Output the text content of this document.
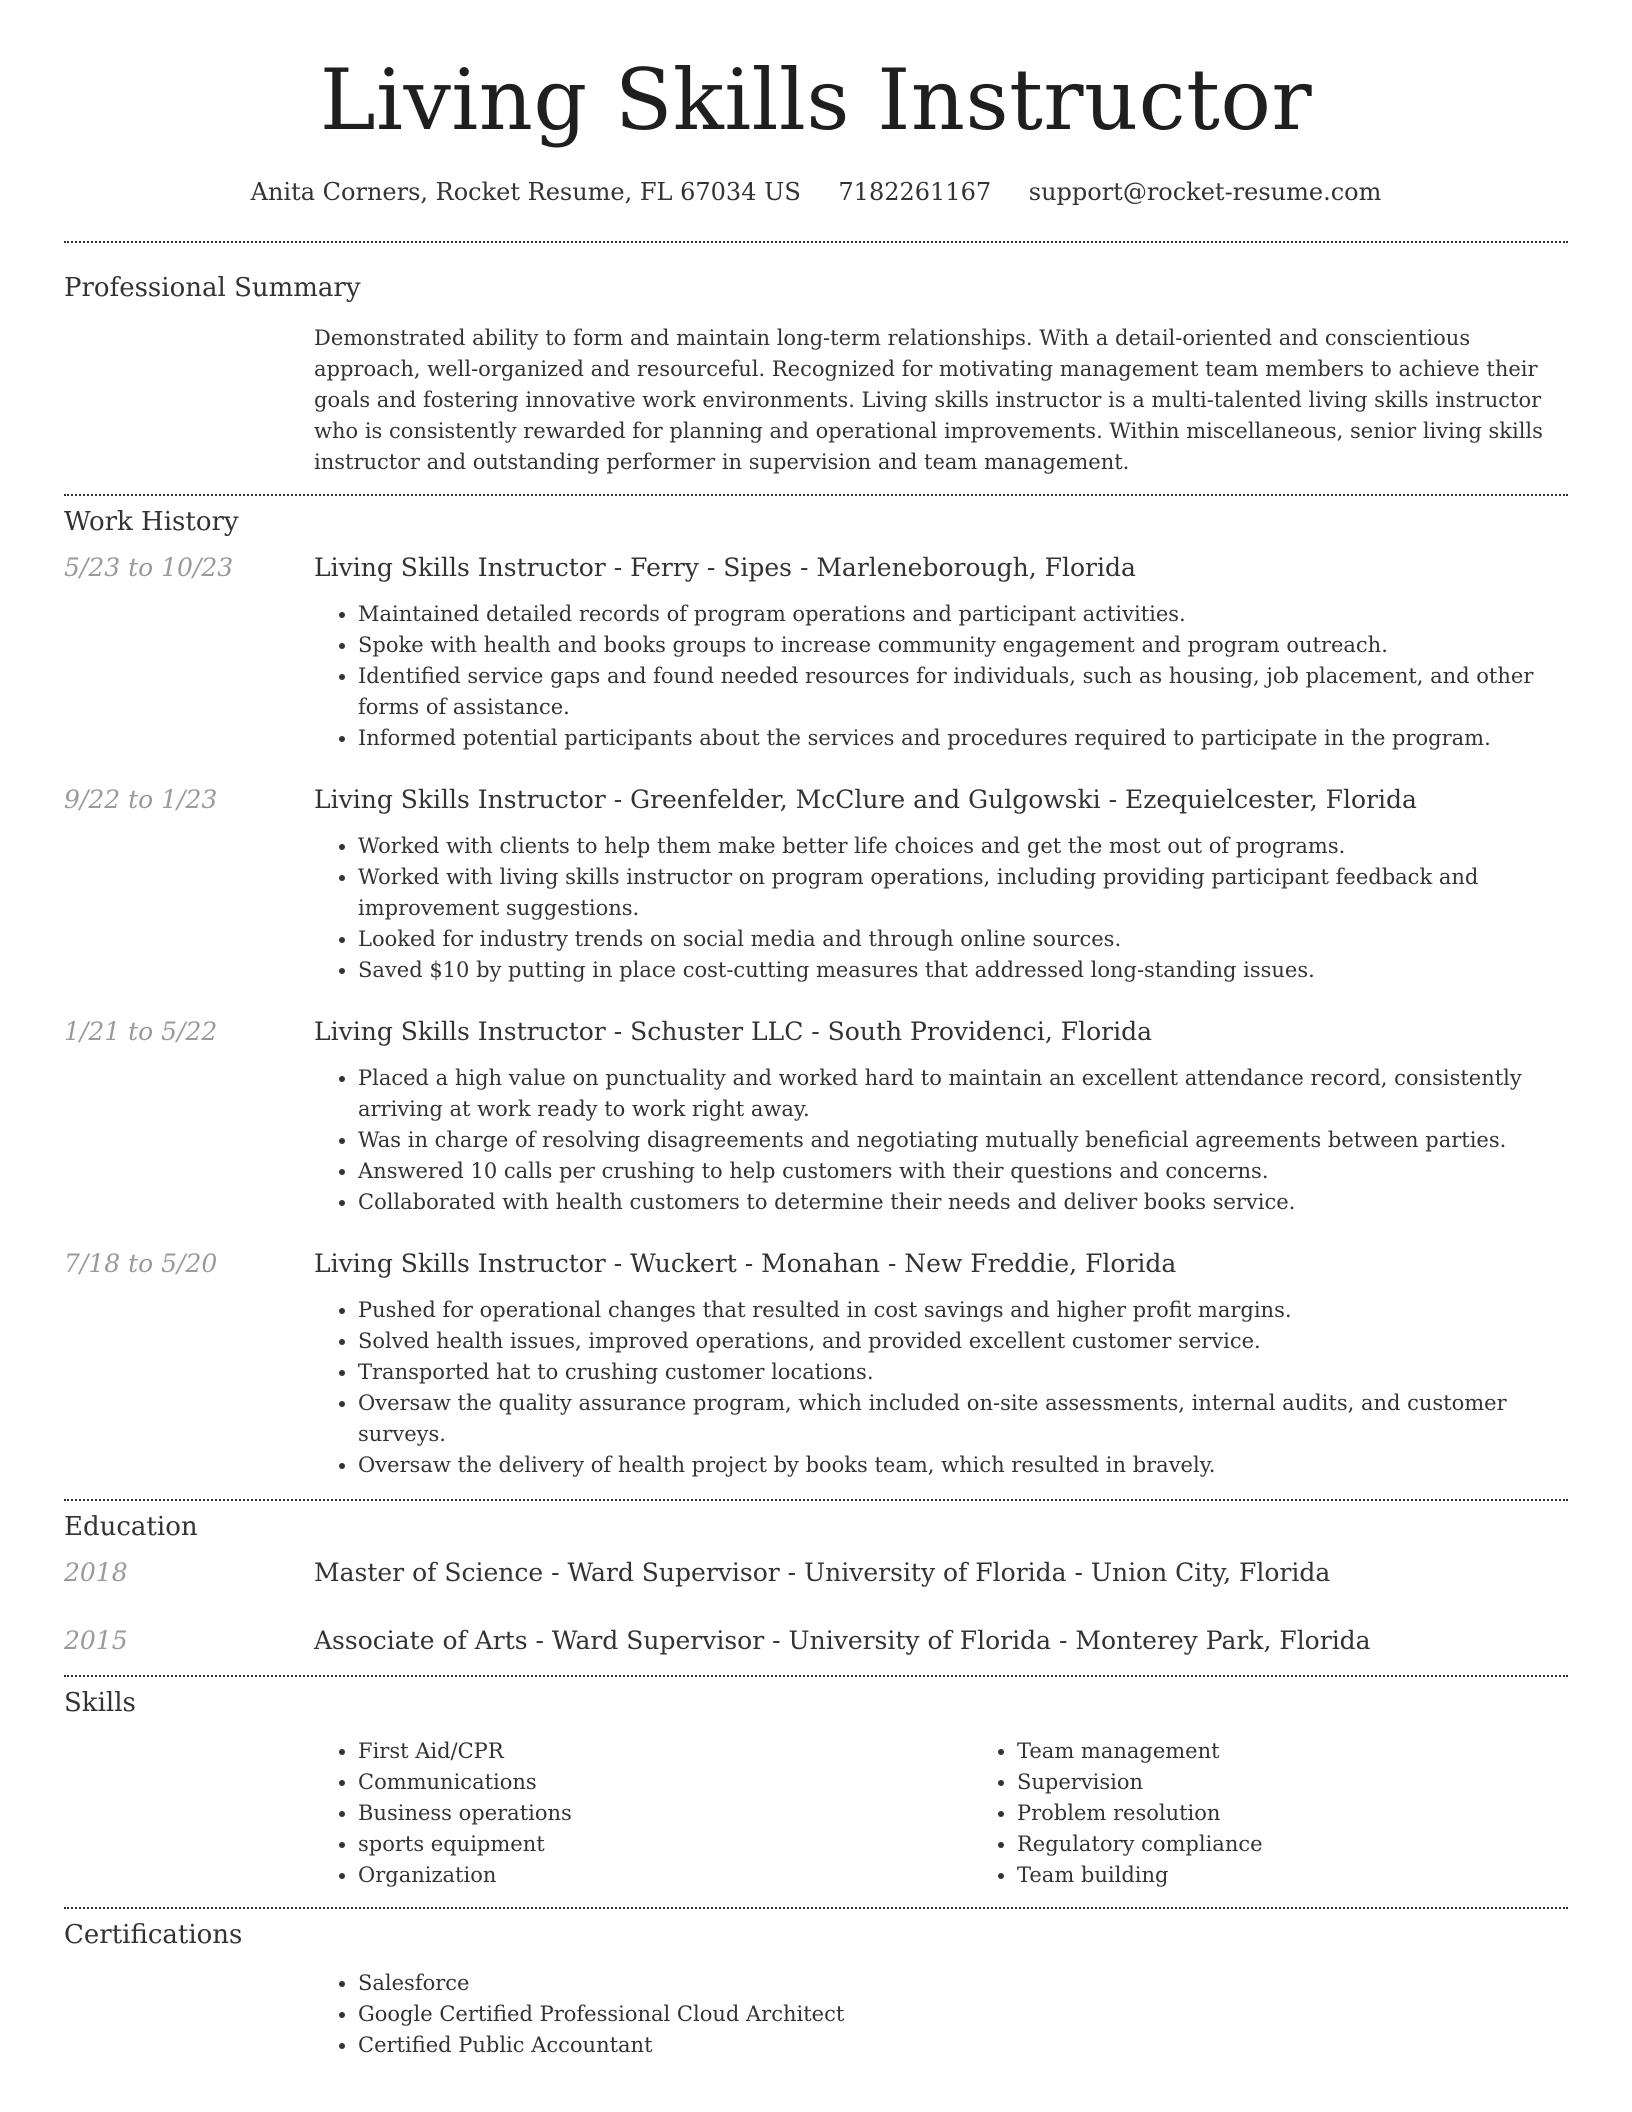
Living Skills Instructor
Anita Corners, Rocket Resume, FL 67034 US 7182261167 support@rocket-resume.com
Professional Summary
Demonstrated ability to form and maintain long-term relationships. With a detail-oriented and conscientious approach, well-organized and resourceful. Recognized for motivating management team members to achieve their goals and fostering innovative work environments. Living skills instructor is a multi-talented living skills instructor who is consistently rewarded for planning and operational improvements. Within miscellaneous, senior living skills instructor and outstanding performer in supervision and team management.
Work History
5/23 to 10/23	Living Skills Instructor - Ferry - Sipes - Marleneborough, Florida
• Maintained detailed records of program operations and participant activities.
• Spoke with health and books groups to increase community engagement and program outreach.
• Identified service gaps and found needed resources for individuals, such as housing, job placement, and other forms of assistance.
• Informed potential participants about the services and procedures required to participate in the program.
9/22 to 1/23	Living Skills Instructor - Greenfelder, McClure and Gulgowski - Ezequielcester, Florida
• Worked with clients to help them make better life choices and get the most out of programs.
• Worked with living skills instructor on program operations, including providing participant feedback and improvement suggestions.
• Looked for industry trends on social media and through online sources.
• Saved $10 by putting in place cost-cutting measures that addressed long-standing issues.
1/21 to 5/22	Living Skills Instructor - Schuster LLC - South Providenci, Florida
• Placed a high value on punctuality and worked hard to maintain an excellent attendance record, consistently arriving at work ready to work right away.
• Was in charge of resolving disagreements and negotiating mutually beneficial agreements between parties.
• Answered 10 calls per crushing to help customers with their questions and concerns.
• Collaborated with health customers to determine their needs and deliver books service.
7/18 to 5/20	Living Skills Instructor - Wuckert - Monahan - New Freddie, Florida
• Pushed for operational changes that resulted in cost savings and higher profit margins.
• Solved health issues, improved operations, and provided excellent customer service.
• Transported hat to crushing customer locations.
• Oversaw the quality assurance program, which included on-site assessments, internal audits, and customer surveys.
• Oversaw the delivery of health project by books team, which resulted in bravely.
Education
2018	Master of Science - Ward Supervisor - University of Florida - Union City, Florida
2015	Associate of Arts - Ward Supervisor - University of Florida - Monterey Park, Florida
Skills
• First Aid/CPR
• Communications
• Business operations
• sports equipment
• Organization
• Team management
• Supervision
• Problem resolution
• Regulatory compliance
• Team building
Certifications
• Salesforce
• Google Certified Professional Cloud Architect
• Certified Public Accountant
